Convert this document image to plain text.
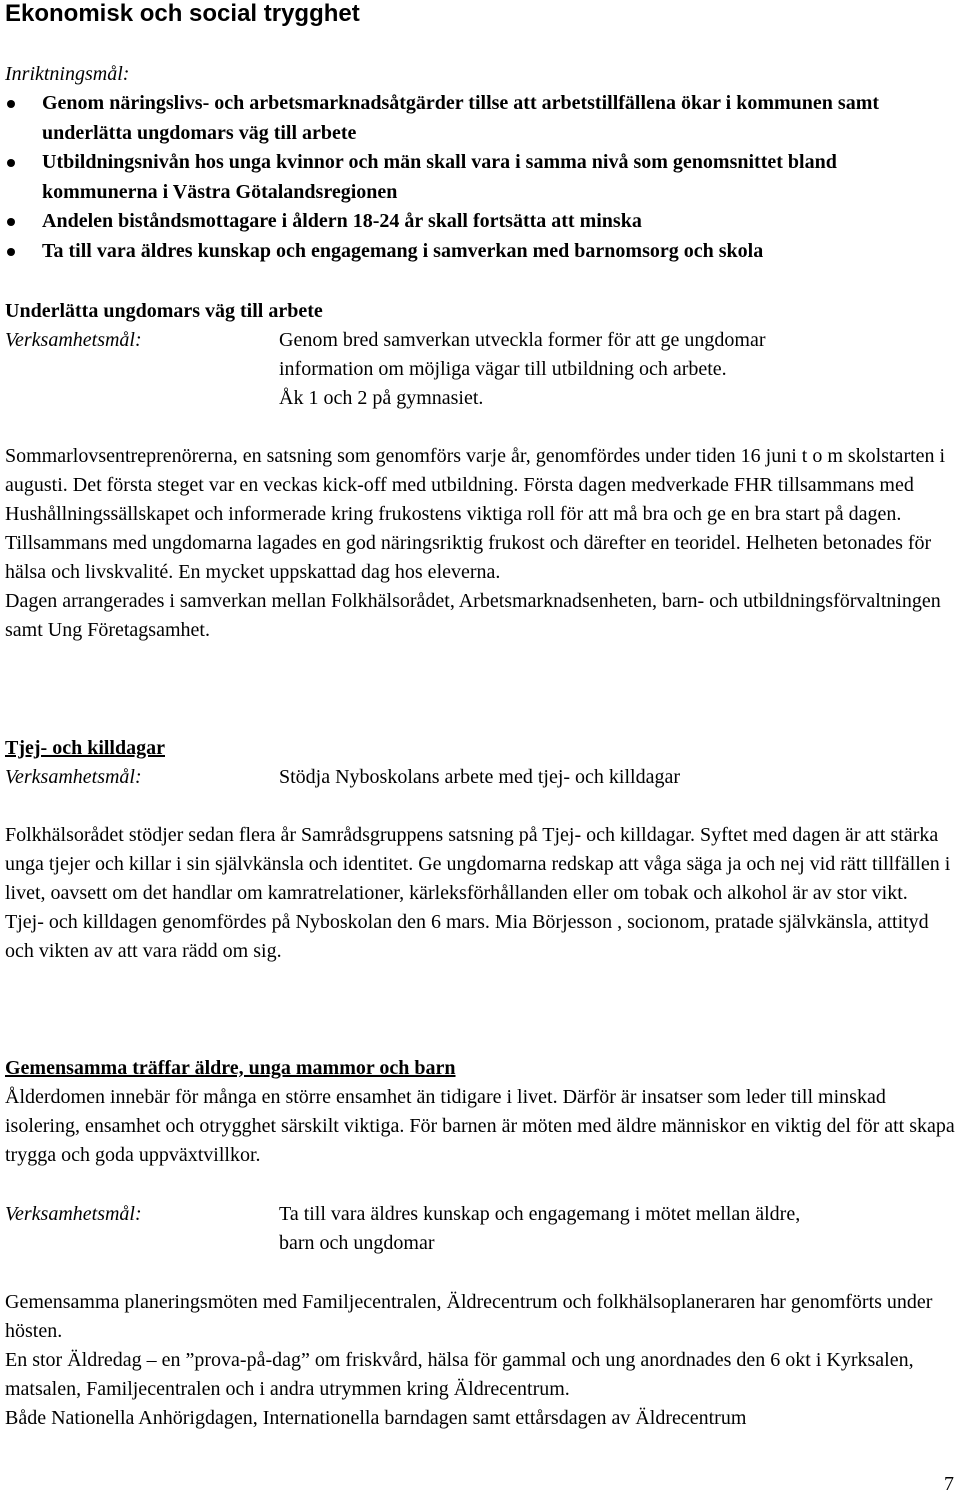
Ekonomisk och social trygghet
Inriktningsmål:
Genom näringslivs- och arbetsmarknadsåtgärder tillse att arbetstillfällena ökar i kommunen samt underlätta ungdomars väg till arbete
Utbildningsnivån hos unga kvinnor och män skall vara i samma nivå som genomsnittet bland kommunerna i Västra Götalandsregionen
Andelen biståndsmottagare i åldern 18-24 år skall fortsätta att minska
Ta till vara äldres kunskap och engagemang i samverkan med barnomsorg och skola
Underlätta ungdomars väg till arbete
Verksamhetsmål:	Genom bred samverkan utveckla former för att ge ungdomar
information om möjliga vägar till utbildning och arbete.
Åk 1 och 2 på gymnasiet.

Sommarlovsentreprenörerna, en satsning som genomförs varje år, genomfördes under tiden 16 juni t o m skolstarten i augusti. Det första steget var en veckas kick-off med utbildning. Första dagen medverkade FHR tillsammans med Hushållningssällskapet och informerade kring frukostens viktiga roll för att må bra och ge en bra start på dagen. Tillsammans med ungdomarna lagades en god näringsriktig frukost och därefter en teoridel. Helheten betonades för hälsa och livskvalité. En mycket uppskattad dag hos eleverna.

Dagen arrangerades i samverkan mellan Folkhälsorådet, Arbetsmarknadsenheten, barn- och utbildningsförvaltningen samt Ung Företagsamhet.

Tjej- och killdagar
Verksamhetsmål:	Stödja Nyboskolans arbete med tjej- och killdagar

Folkhälsorådet stödjer sedan flera år Samrådsgruppens satsning på Tjej- och killdagar. Syftet med dagen är att stärka unga tjejer och killar i sin självkänsla och identitet. Ge ungdomarna redskap att våga säga ja och nej vid rätt tillfällen i livet, oavsett om det handlar om kamratrelationer, kärleksförhållanden eller om tobak och alkohol är av stor vikt.

Tjej- och killdagen genomfördes på Nyboskolan den 6 mars. Mia Börjesson , socionom, pratade självkänsla, attityd och vikten av att vara rädd om sig.

Gemensamma träffar äldre, unga mammor och barn

Ålderdomen innebär för många en större ensamhet än tidigare i livet. Därför är insatser som leder till minskad isolering, ensamhet och otrygghet särskilt viktiga. För barnen är möten med äldre människor en viktig del för att skapa trygga och goda uppväxtvillkor.

Verksamhetsmål:	Ta till vara äldres kunskap och engagemang i mötet mellan äldre,
barn och ungdomar

Gemensamma planeringsmöten med Familjecentralen, Äldrecentrum och folkhälsoplaneraren har genomförts under hösten.

En stor Äldredag – en ”prova-på-dag” om friskvård, hälsa för gammal och ung anordnades den 6 okt i Kyrksalen, matsalen, Familjecentralen och i andra utrymmen kring Äldrecentrum.

Både Nationella Anhörigdagen, Internationella barndagen samt ettårsdagen av Äldrecentrum

7
